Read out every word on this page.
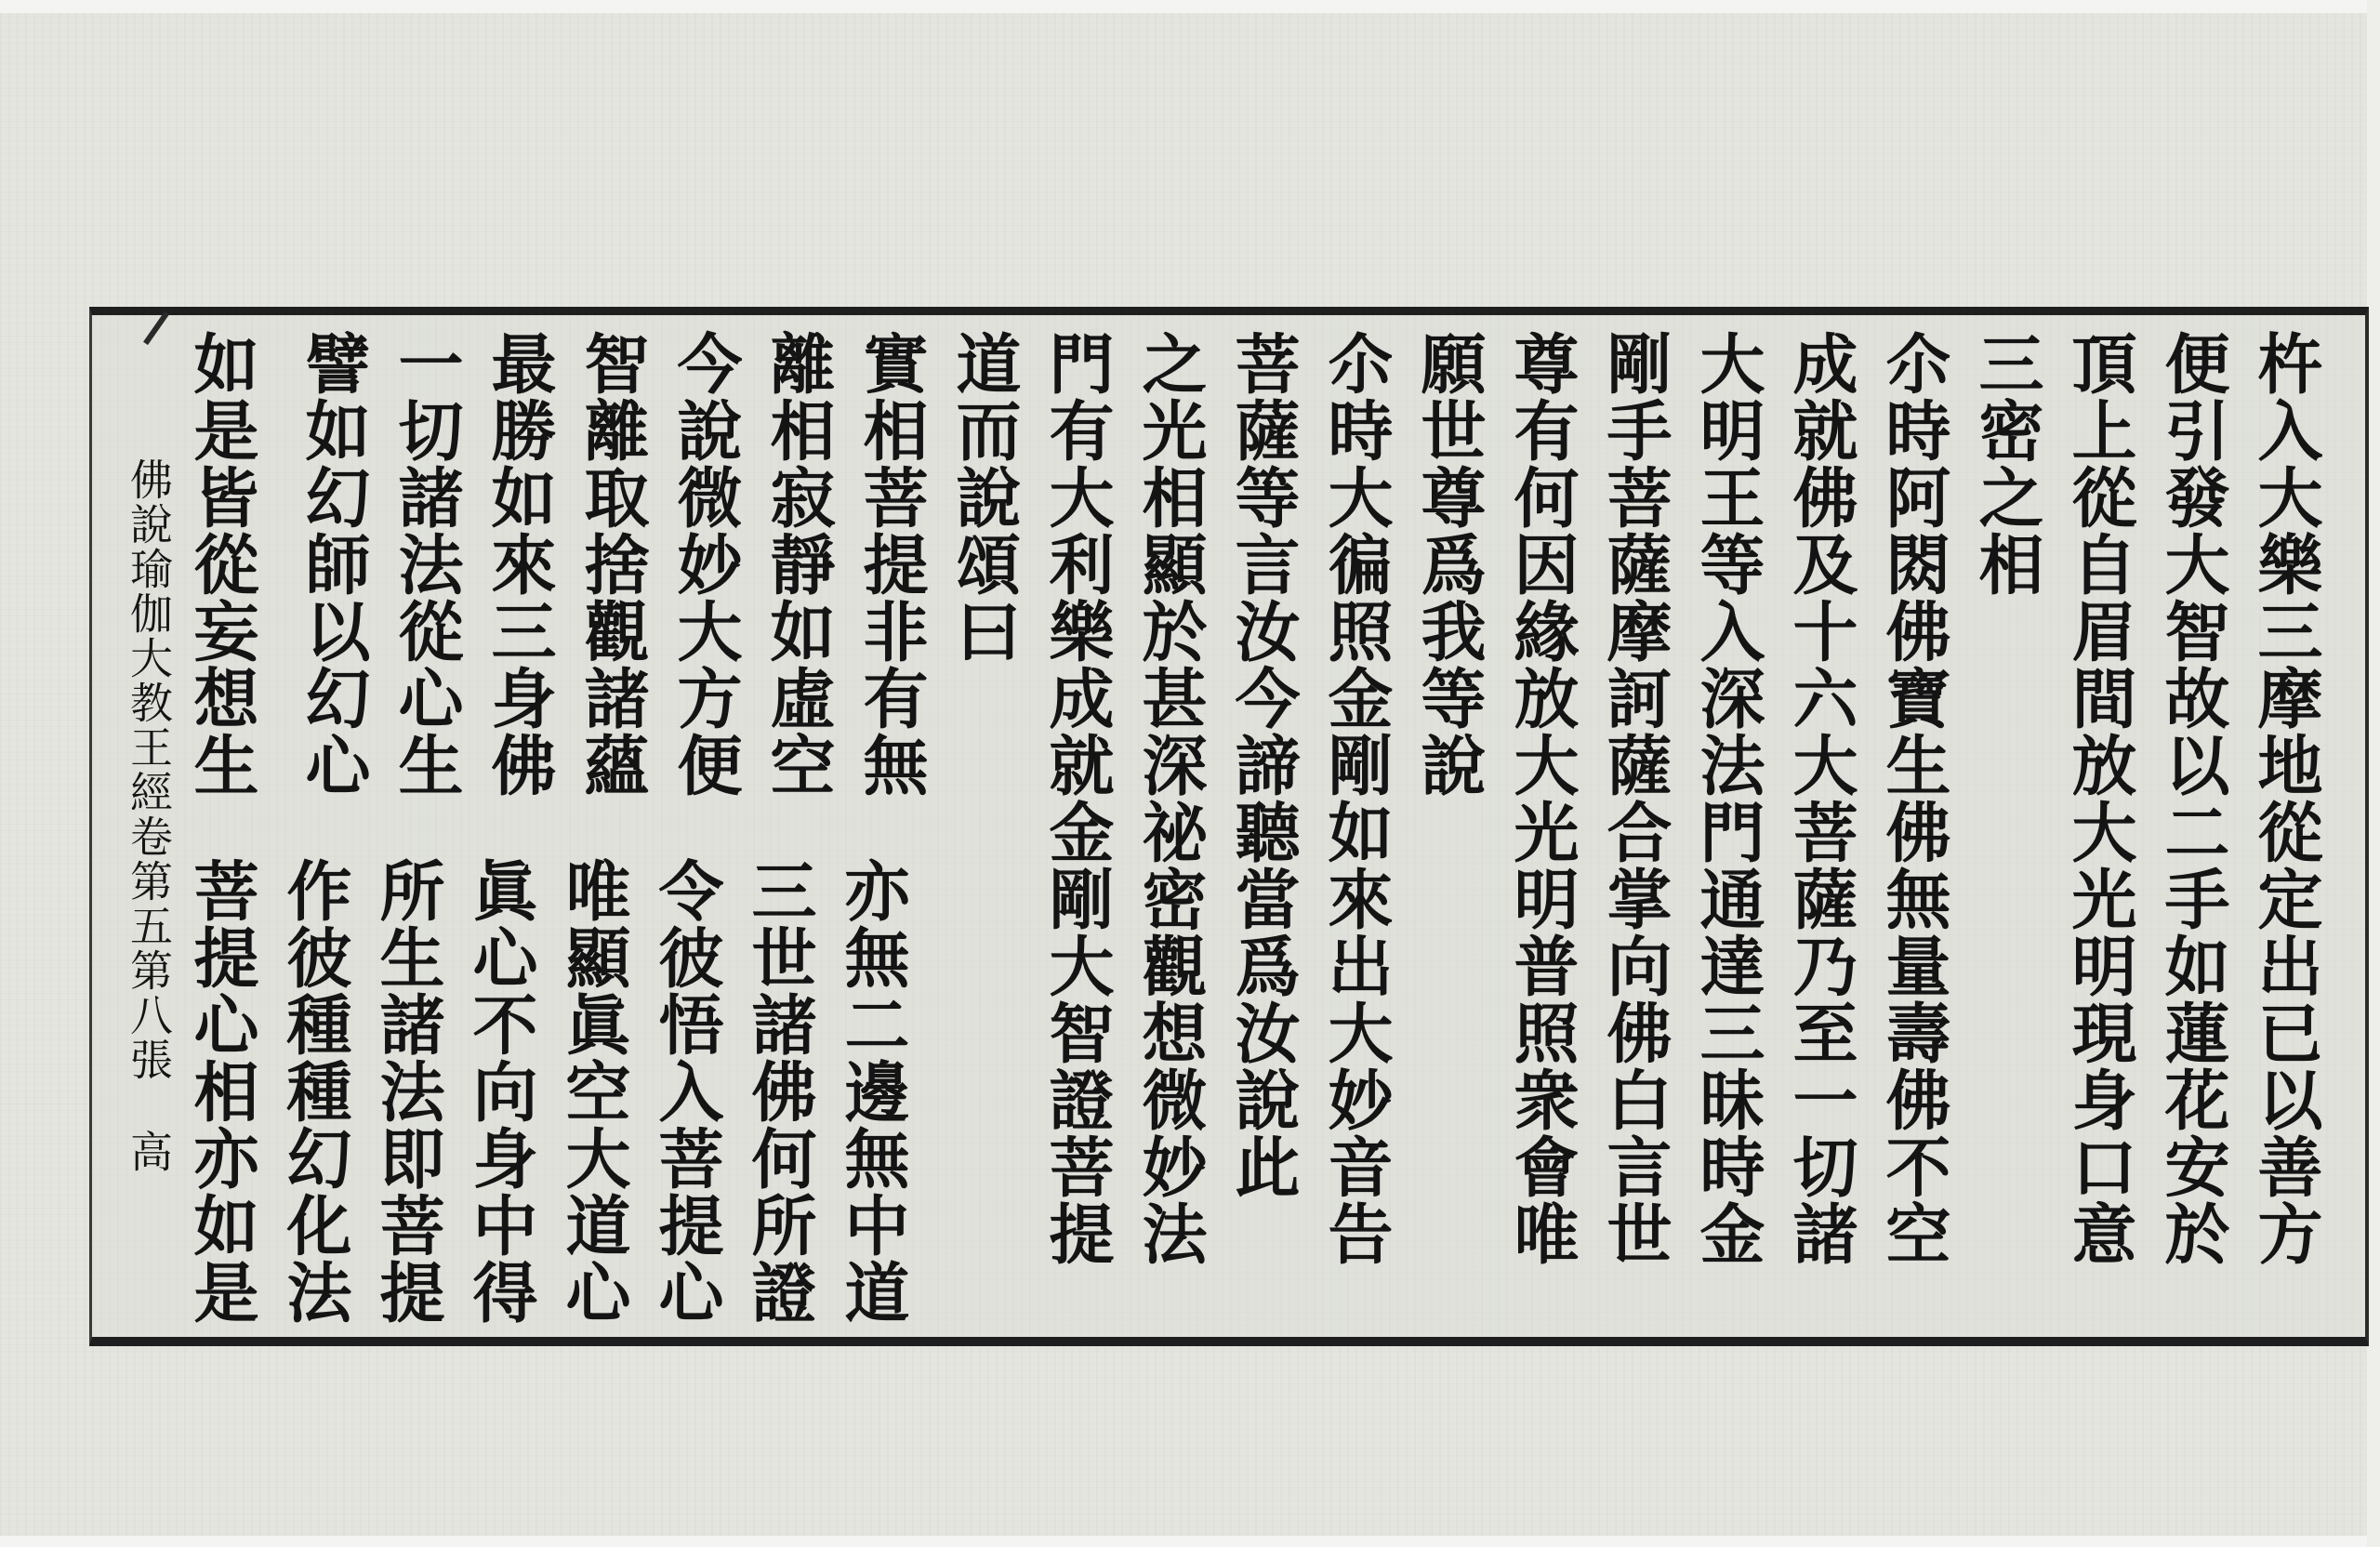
杵入大樂三摩地從定出已以善方
便引發大智故以二手如蓮花安於
頂上從自眉間放大光明現身口意
三密之相
尒時阿閦佛寶生佛無量壽佛不空
成就佛及十六大菩薩乃至一切諸
大明王等入深法門通達三昧時金
剛手菩薩摩訶薩合掌向佛白言世
尊有何因緣放大光明普照衆會唯
願世尊爲我等說
尒時大徧照金剛如來出大妙音告
菩薩等言汝今諦聽當爲汝說此
之光相顯於甚深祕密觀想微妙法
門有大利樂成就金剛大智證菩提
道而說頌曰
實相菩提非有無
離相寂靜如虛空
今說微妙大方便
智離取捨觀諸蘊
最勝如來三身佛
一切諸法從心生
譬如幻師以幻心
如是皆從妄想生
亦無二邊無中道
三世諸佛何所證
令彼悟入菩提心
唯顯眞空大道心
眞心不向身中得
所生諸法即菩提
作彼種種幻化法
菩提心相亦如是
佛說瑜伽大教王經卷第五
第八張
高
